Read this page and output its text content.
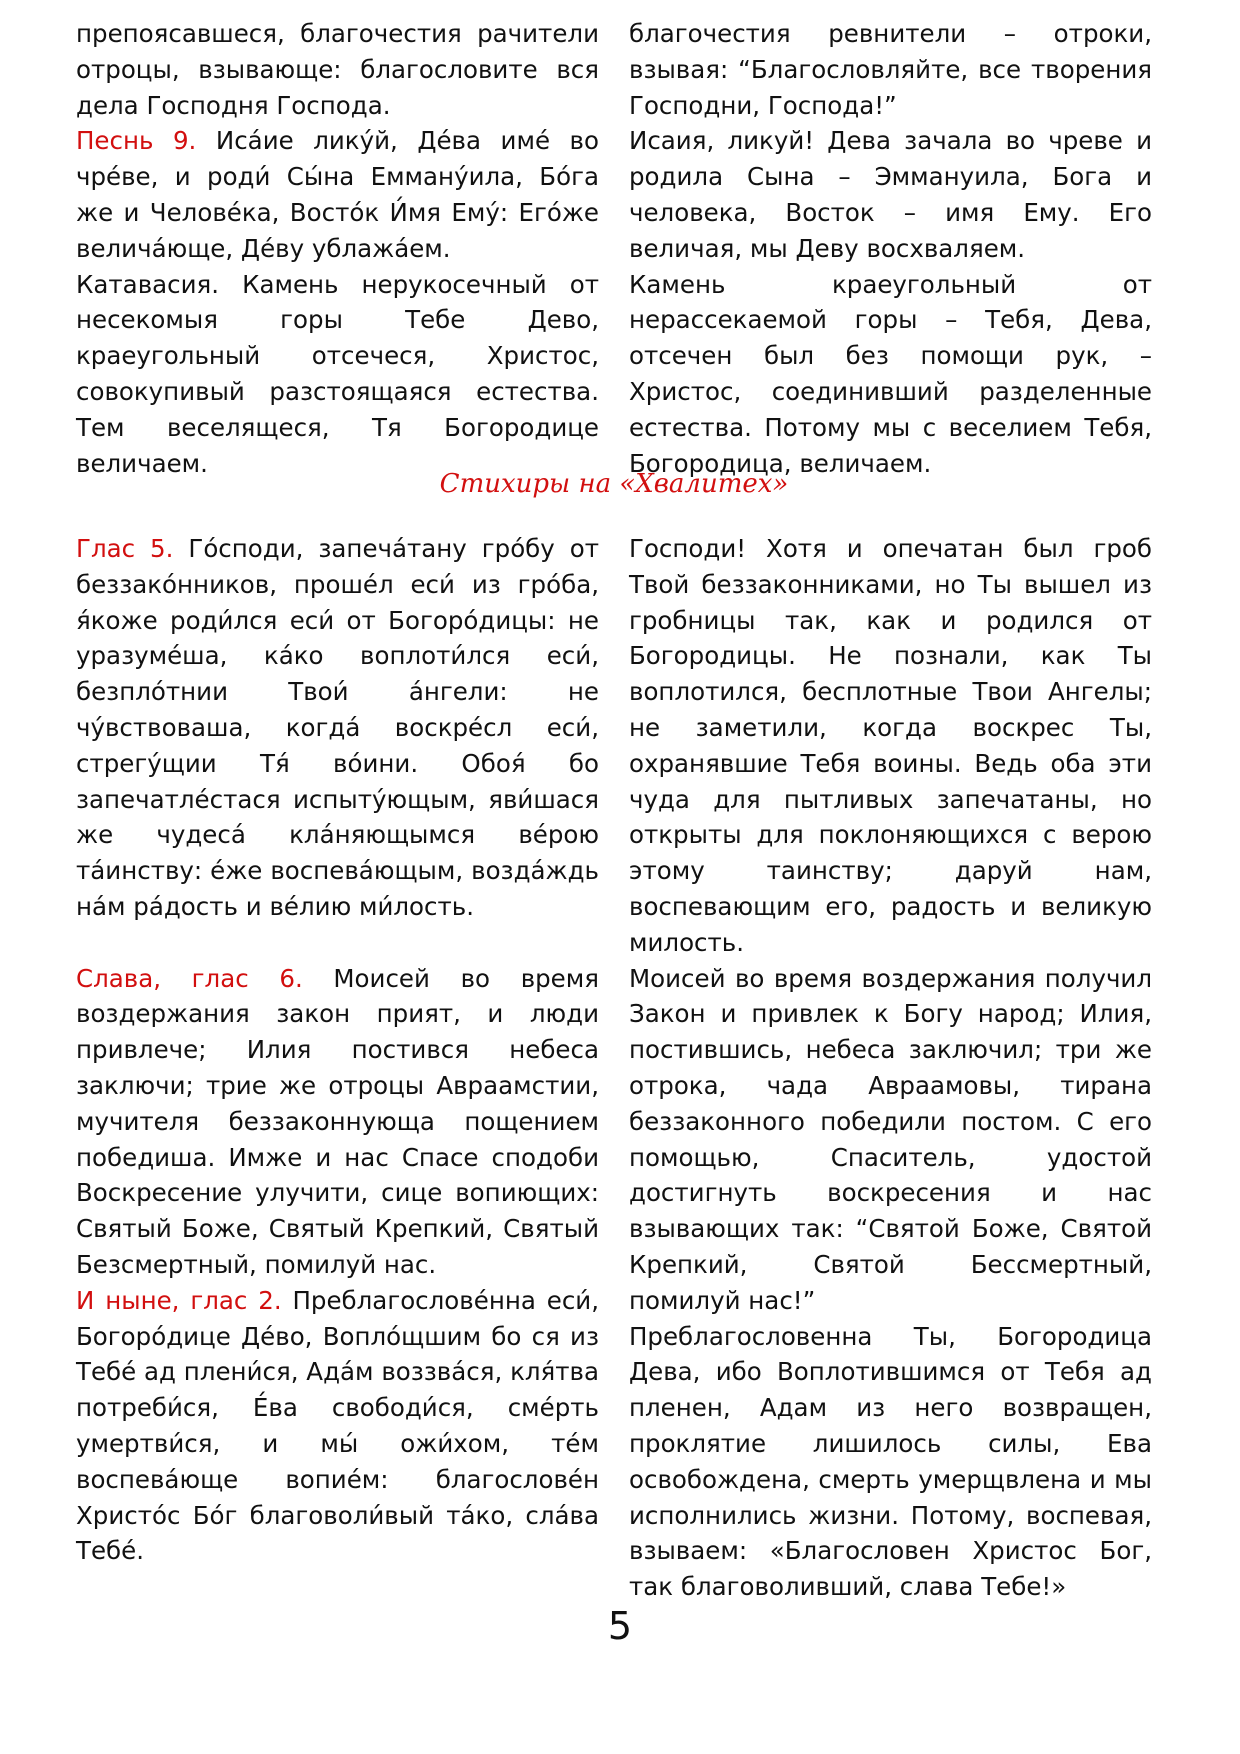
препоясавшеся, благочестия рачители отроцы, взывающе: благословите вся дела Господня Господа.

Песнь 9. Иса́ие лику́й, Де́ва име́ во чре́ве, и роди́ Сы́на Емману́ила, Бо́га же и Челове́ка, Восто́к И́мя Ему́: Его́же велича́юще, Де́ву ублажа́ем.

Катавасия. Камень нерукосечный от несекомыя горы Тебе Дево, краеугольный отсечеся, Христос, совокупивый разстоящаяся естества. Тем веселящеся, Тя Богородице величаем.

благочестия ревнители – отроки, взывая: “Благословляйте, все творения Господни, Господа!”

Исаия, ликуй! Дева зачала во чреве и родила Сына – Эммануила, Бога и человека, Восток – имя Ему. Его величая, мы Деву восхваляем.

Камень краеугольный от нерассекаемой горы – Тебя, Дева, отсечен был без помощи рук, – Христос, соединивший разделенные естества. Потому мы с веселием Тебя, Богородица, величаем.

Стихиры на «Хвалитех»

Глас 5. Го́споди, запеча́тану гро́бу от беззако́нников, проше́л еси́ из гро́ба, я́коже роди́лся еси́ от Богоро́дицы: не уразуме́ша, ка́ко воплоти́лся еси́, безпло́тнии Твои́ а́нгели: не чу́вствоваша, когда́ воскре́сл еси́, стрегу́щии Тя́ во́ини. Обоя́ бо запечатле́стася испыту́ющым, яви́шася же чудеса́ кла́няющымся ве́рою та́инству: е́же воспева́ющым, возда́ждь на́м ра́дость и ве́лию ми́лость.

Слава, глас 6. Моисей во время воздержания закон прият, и люди привлече; Илия постився небеса заключи; трие же отроцы Авраамстии, мучителя беззаконнующа пощением победиша. Имже и нас Спасе сподоби Воскресение улучити, сице вопиющих: Святый Боже, Святый Крепкий, Святый Безсмертный, помилуй нас.

И ныне, глас 2. Преблагослове́нна еси́, Богоро́дице Де́во, Вопло́щшим бо ся из Тебе́ ад плени́ся, Ада́м воззва́ся, кля́тва потреби́ся, Е́ва свободи́ся, сме́рть умертви́ся, и мы́ ожи́хом, те́м воспева́юще вопие́м: благослове́н Христо́с Бо́г благоволи́вый та́ко, сла́ва Тебе́.

Господи! Хотя и опечатан был гроб Твой беззаконниками, но Ты вышел из гробницы так, как и родился от Богородицы. Не познали, как Ты воплотился, бесплотные Твои Ангелы; не заметили, когда воскрес Ты, охранявшие Тебя воины. Ведь оба эти чуда для пытливых запечатаны, но открыты для поклоняющихся с верою этому таинству; даруй нам, воспевающим его, радость и великую милость.

Моисей во время воздержания получил Закон и привлек к Богу народ; Илия, постившись, небеса заключил; три же отрока, чада Авраамовы, тирана беззаконного победили постом. С его помощью, Спаситель, удостой достигнуть воскресения и нас взывающих так: “Святой Боже, Святой Крепкий, Святой Бессмертный, помилуй нас!”

Преблагословенна Ты, Богородица Дева, ибо Воплотившимся от Тебя ад пленен, Адам из него возвращен, проклятие лишилось силы, Ева освобождена, смерть умерщвлена и мы исполнились жизни. Потому, воспевая, взываем: «Благословен Христос Бог, так благоволивший, слава Тебе!»

5
